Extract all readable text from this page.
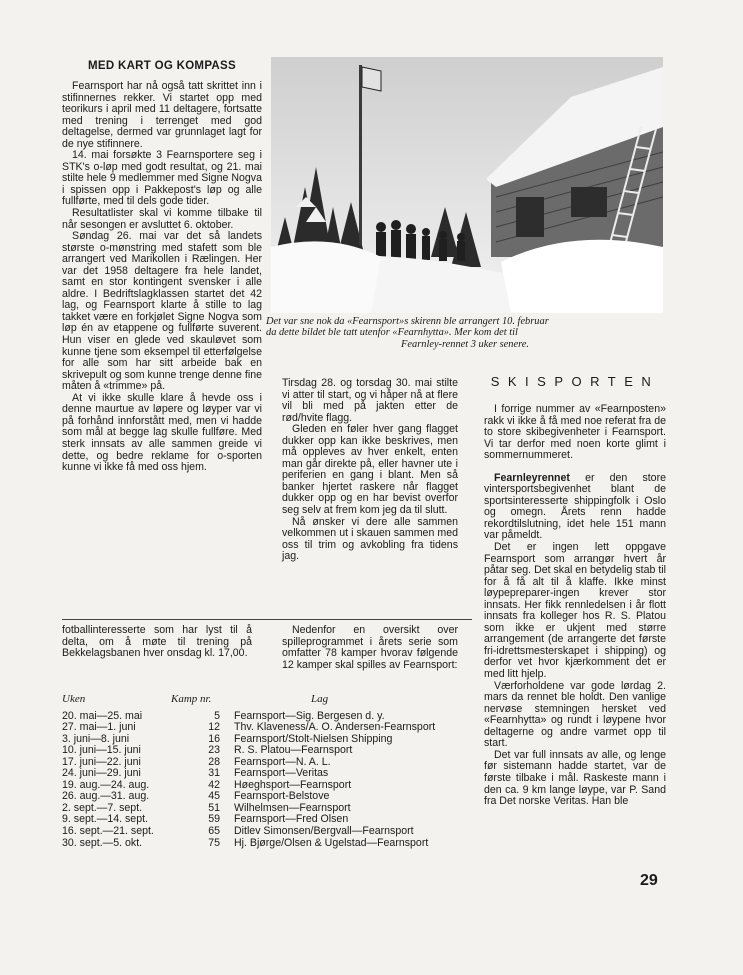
MED KART OG KOMPASS

Fearnsport har nå også tatt skrittet inn i stifinnernes rekker. Vi startet opp med teorikurs i april med 11 deltagere, fortsatte med trening i terrenget med god deltagelse, dermed var grunnlaget lagt for de nye stifinnere.

14. mai forsøkte 3 Fearnsportere seg i STK's o-løp med godt resultat, og 21. mai stilte hele 9 medlemmer med Signe Nogva i spissen opp i Pakkepost's løp og alle fullførte, med til dels gode tider.

Resultatlister skal vi komme tilbake til når sesongen er avsluttet 6. oktober.

Søndag 26. mai var det så landets største o-mønstring med stafett som ble arrangert ved Marikollen i Rælingen. Her var det 1958 deltagere fra hele landet, samt en stor kontingent svensker i alle aldre. I Bedriftslagklassen startet det 42 lag, og Fearnsport klarte å stille to lag takket være en forkjølet Signe Nogva som løp én av etappene og fullførte suverent. Hun viser en glede ved skauløvet som kunne tjene som eksempel til etterfølgelse for alle som har sitt arbeide bak en skrivepult og som kunne trenge denne fine måten å «trimme» på.

At vi ikke skulle klare å hevde oss i denne maurtue av løpere og løyper var vi på forhånd innforstått med, men vi hadde som mål at begge lag skulle fullføre. Med sterk innsats av alle sammen greide vi dette, og bedre reklame for o-sporten kunne vi ikke få med oss hjem.

Det var sne nok da «Fearnsport»s skirenn ble arrangert 10. februar
da dette bildet ble tatt utenfor «Fearnhytta». Mer kom det til
Fearnley-rennet 3 uker senere.

Tirsdag 28. og torsdag 30. mai stilte vi atter til start, og vi håper nå at flere vil bli med på jakten etter de rød/hvite flagg.

Gleden en føler hver gang flagget dukker opp kan ikke beskrives, men må oppleves av hver enkelt, enten man går direkte på, eller havner ute i periferien en gang i blant. Men så banker hjertet raskere når flagget dukker opp og en har bevist overfor seg selv at frem kom jeg da til slutt.

Nå ønsker vi dere alle sammen velkommen ut i skauen sammen med oss til trim og avkobling fra tidens jag.

SKISPORTEN

I forrige nummer av «Fearnposten» rakk vi ikke å få med noe referat fra de to store skibegivenheter i Fearnsport. Vi tar derfor med noen korte glimt i sommernummeret.

Fearnleyrennet er den store vintersportsbegivenhet blant de sportsinteresserte shippingfolk i Oslo og omegn. Årets renn hadde rekordtilslutning, idet hele 151 mann var påmeldt.

Det er ingen lett oppgave Fearnsport som arrangør hvert år påtar seg. Det skal en betydelig stab til for å få alt til å klaffe. Ikke minst løypepreparer-ingen krever stor innsats. Her fikk rennledelsen i år flott innsats fra kolleger hos R. S. Platou som ikke er ukjent med større arrangement (de arrangerte det første fri-idrettsmesterskapet i shipping) og derfor vet hvor kjærkomment det er med litt hjelp.

Værforholdene var gode lørdag 2. mars da rennet ble holdt. Den vanlige nervøse stemningen hersket ved «Fearnhytta» og rundt i løypene hvor deltagerne og andre varmet opp til start.

Det var full innsats av alle, og lenge før sistemann hadde startet, var de første tilbake i mål. Raskeste mann i den ca. 9 km lange løype, var P. Sand fra Det norske Veritas. Han ble

fotballinteresserte som har lyst til å delta, om å møte til trening på Bekkelagsbanen hver onsdag kl. 17,00.

Nedenfor en oversikt over spilleprogrammet i årets serie som omfatter 78 kamper hvorav følgende 12 kamper skal spilles av Fearnsport:

Uken	Kamp nr.	Lag
20. mai—25. mai	5	Fearnsport—Sig. Bergesen d. y.
27. mai—1. juni	12	Thv. Klaveness/A. O. Andersen-Fearnsport
3. juni—8. juni	16	Fearnsport/Stolt-Nielsen Shipping
10. juni—15. juni	23	R. S. Platou—Fearnsport
17. juni—22. juni	28	Fearnsport—N. A. L.
24. juni—29. juni	31	Fearnsport—Veritas
19. aug.—24. aug.	42	Høeghsport—Fearnsport
26. aug.—31. aug.	45	Fearnsport-Belstove
2. sept.—7. sept.	51	Wilhelmsen—Fearnsport
9. sept.—14. sept.	59	Fearnsport—Fred Olsen
16. sept.—21. sept.	65	Ditlev Simonsen/Bergvall—Fearnsport
30. sept.—5. okt.	75	Hj. Bjørge/Olsen & Ugelstad—Fearnsport
29
